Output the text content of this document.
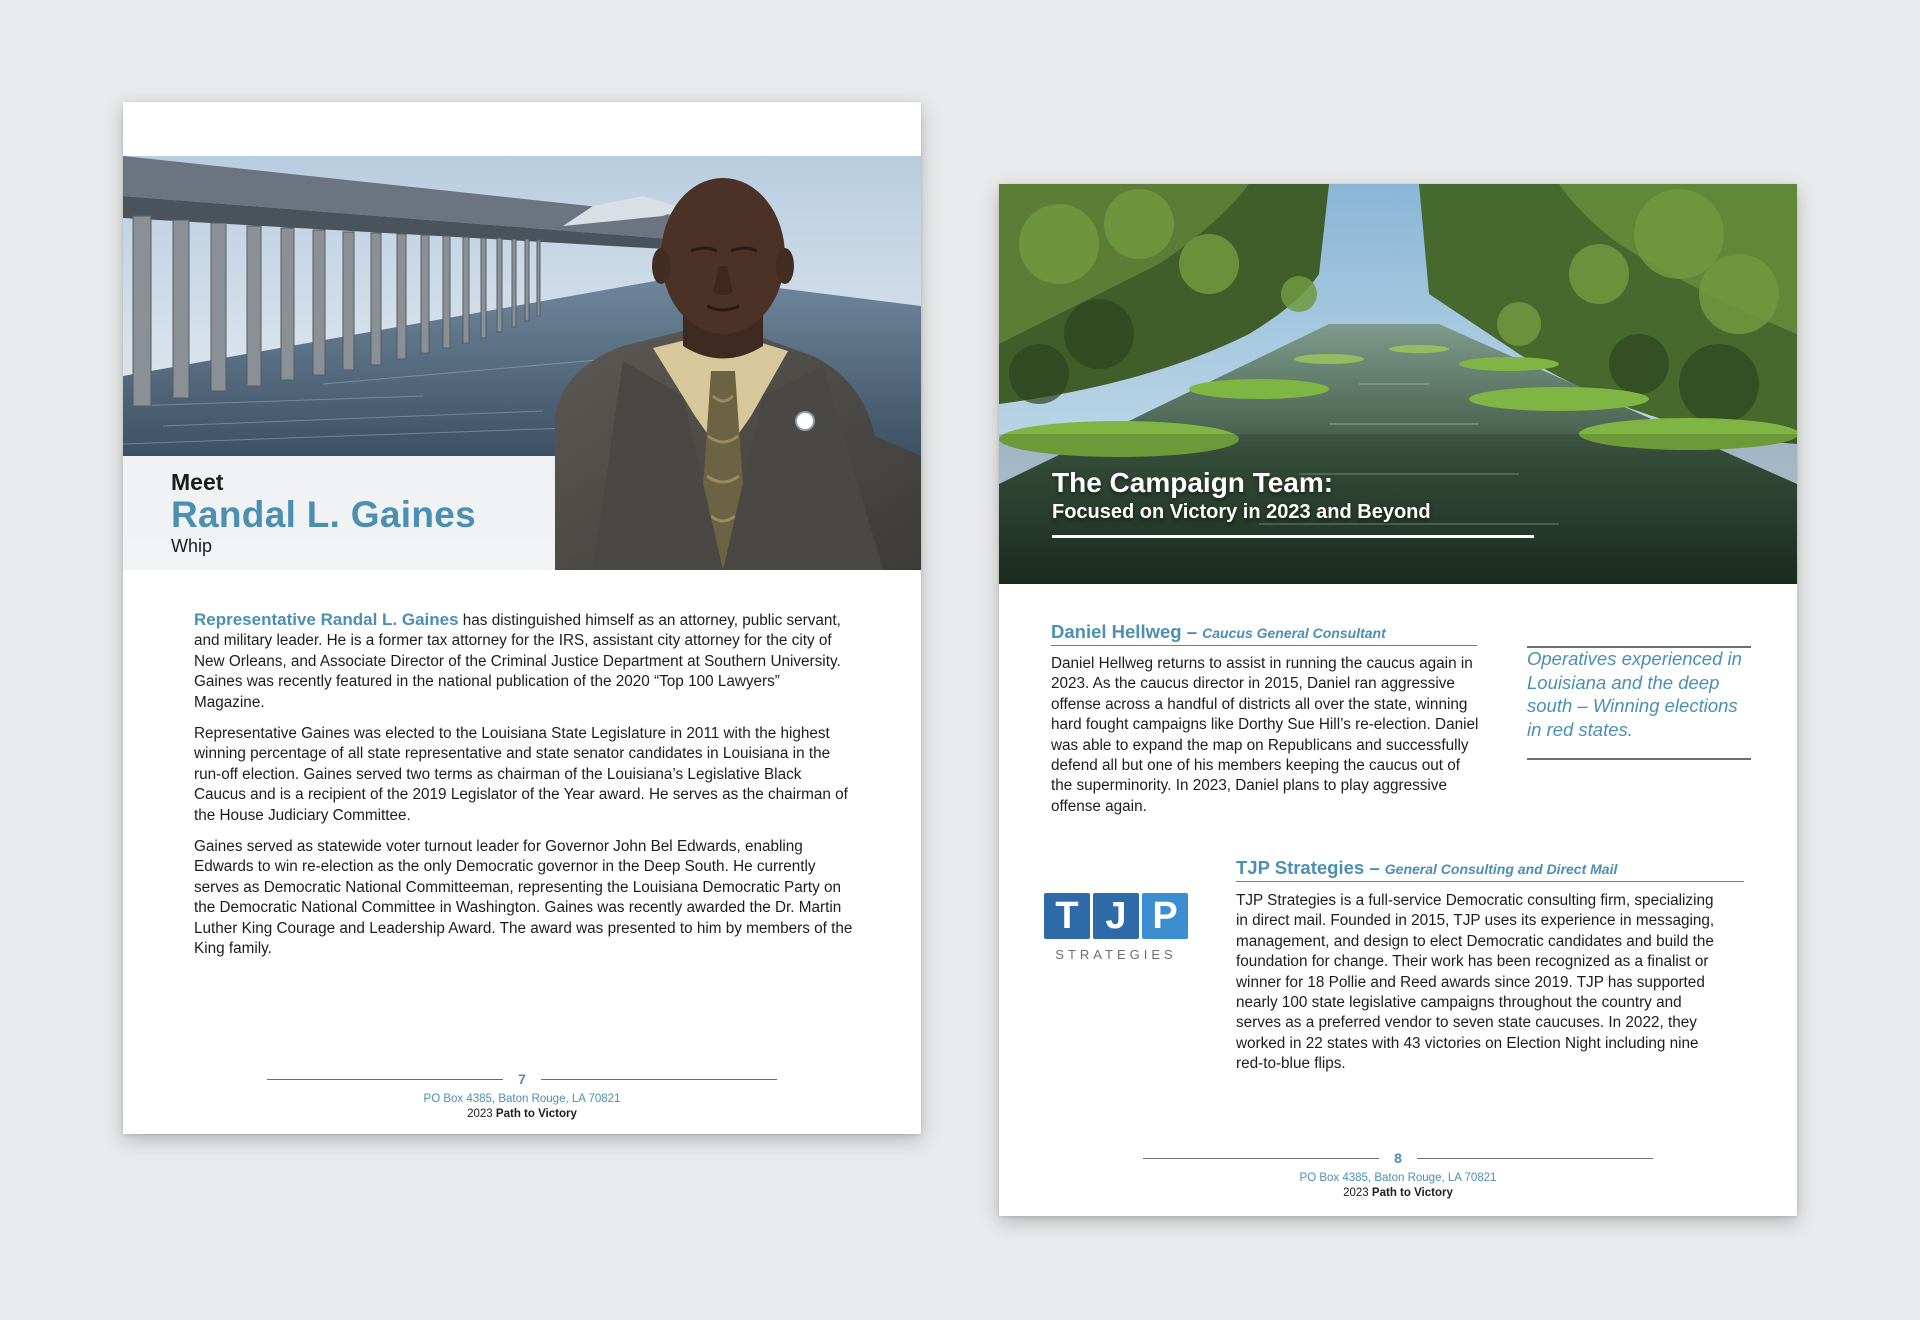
Meet
Randal L. Gaines
Whip

Representative Randal L. Gaines has distinguished himself as an attorney, public servant, and military leader. He is a former tax attorney for the IRS, assistant city attorney for the city of New Orleans, and Associate Director of the Criminal Justice Department at Southern University. Gaines was recently featured in the national publication of the 2020 “Top 100 Lawyers” Magazine.

Representative Gaines was elected to the Louisiana State Legislature in 2011 with the highest winning percentage of all state representative and state senator candidates in Louisiana in the run-off election. Gaines served two terms as chairman of the Louisiana’s Legislative Black Caucus and is a recipient of the 2019 Legislator of the Year award. He serves as the chairman of the House Judiciary Committee.

Gaines served as statewide voter turnout leader for Governor John Bel Edwards, enabling Edwards to win re-election as the only Democratic governor in the Deep South. He currently serves as Democratic National Committeeman, representing the Louisiana Democratic Party on the Democratic National Committee in Washington. Gaines was recently awarded the Dr. Martin Luther King Courage and Leadership Award. The award was presented to him by members of the King family.

7
PO Box 4385, Baton Rouge, LA 70821
2023 Path to Victory
The Campaign Team:
Focused on Victory in 2023 and Beyond
Daniel Hellweg – Caucus General Consultant
Daniel Hellweg returns to assist in running the caucus again in 2023. As the caucus director in 2015, Daniel ran aggressive offense across a handful of districts all over the state, winning hard fought campaigns like Dorthy Sue Hill’s re-election. Daniel was able to expand the map on Republicans and successfully defend all but one of his members keeping the caucus out of the superminority. In 2023, Daniel plans to play aggressive offense again.
Operatives experienced in Louisiana and the deep south – Winning elections in red states.
TJP Strategies – General Consulting and Direct Mail
T J P
STRATEGIES
TJP Strategies is a full-service Democratic consulting firm, specializing in direct mail. Founded in 2015, TJP uses its experience in messaging, management, and design to elect Democratic candidates and build the foundation for change. Their work has been recognized as a finalist or winner for 18 Pollie and Reed awards since 2019. TJP has supported nearly 100 state legislative campaigns throughout the country and serves as a preferred vendor to seven state caucuses. In 2022, they worked in 22 states with 43 victories on Election Night including nine red-to-blue flips.
8
PO Box 4385, Baton Rouge, LA 70821
2023 Path to Victory
